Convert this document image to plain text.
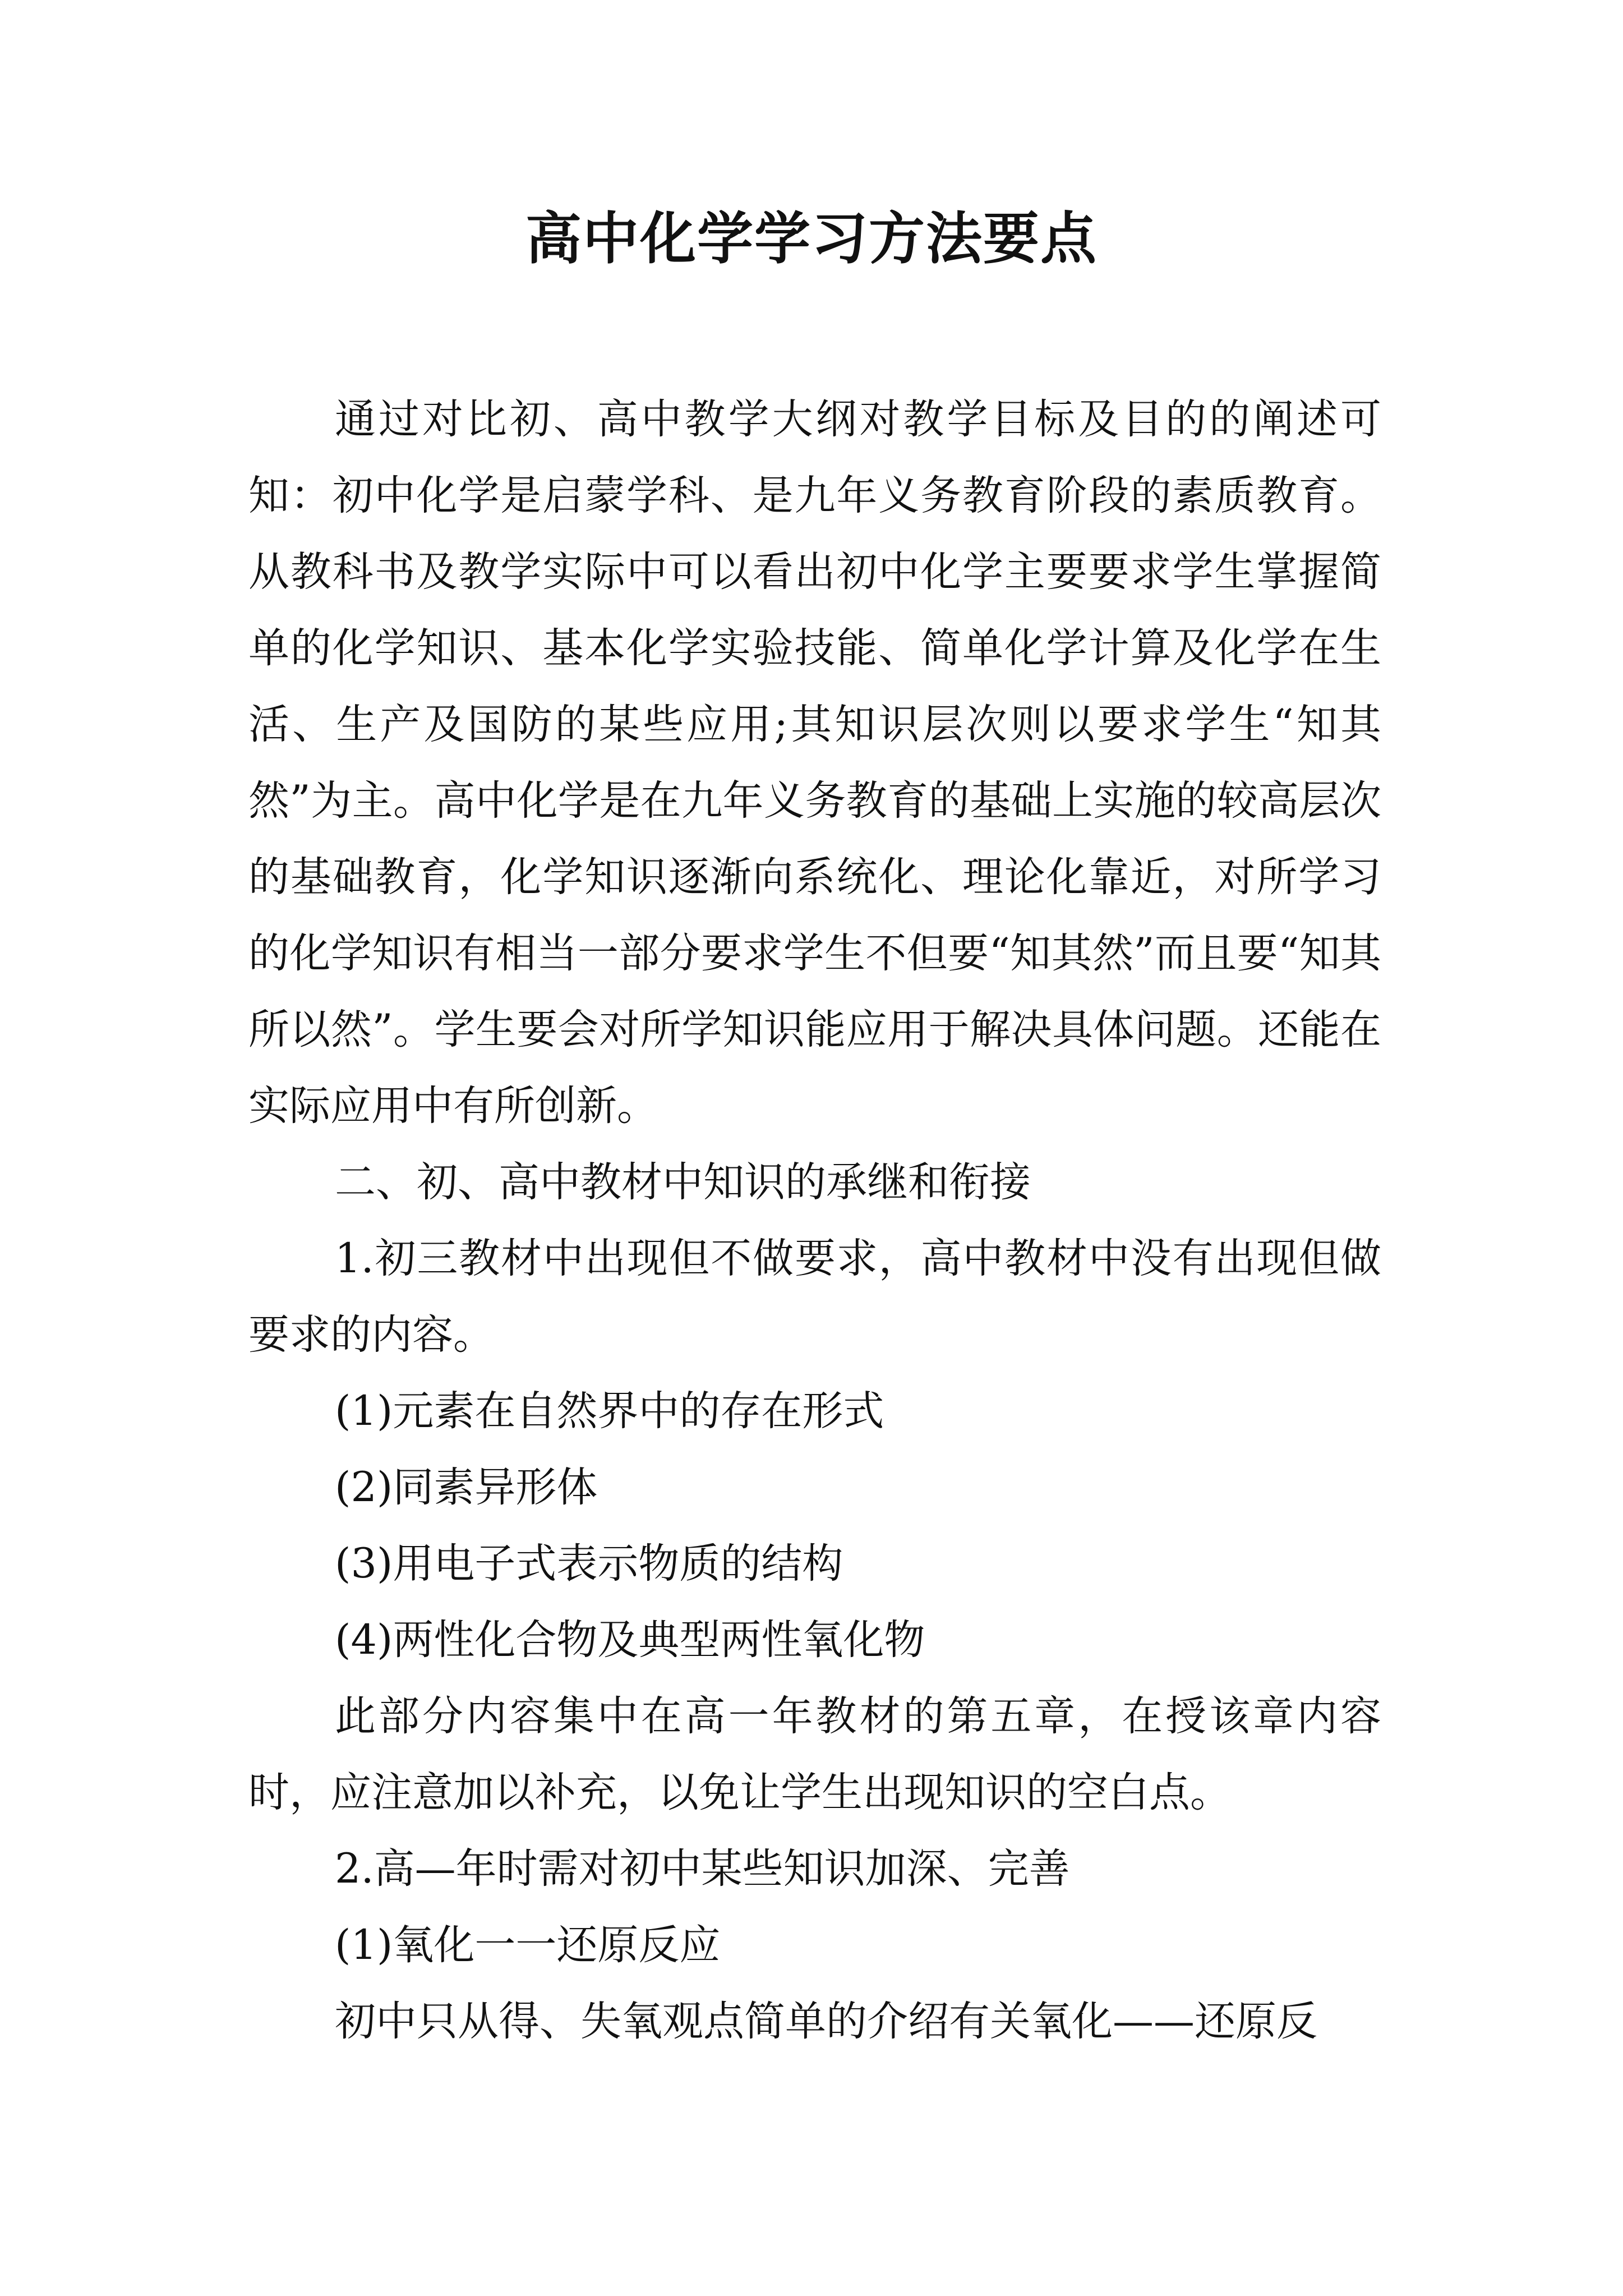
高中化学学习方法要点

通过对比初、高中教学大纲对教学目标及目的的阐述可知：初中化学是启蒙学科、是九年义务教育阶段的素质教育。从教科书及教学实际中可以看出初中化学主要要求学生掌握简单的化学知识、基本化学实验技能、简单化学计算及化学在生活、生产及国防的某些应用;其知识层次则以要求学生“知其然”为主。高中化学是在九年义务教育的基础上实施的较高层次的基础教育，化学知识逐渐向系统化、理论化靠近，对所学习的化学知识有相当一部分要求学生不但要“知其然”而且要“知其所以然”。学生要会对所学知识能应用于解决具体问题。还能在实际应用中有所创新。

二、初、高中教材中知识的承继和衔接

1.初三教材中出现但不做要求，高中教材中没有出现但做要求的内容。

(1)元素在自然界中的存在形式

(2)同素异形体

(3)用电子式表示物质的结构

(4)两性化合物及典型两性氧化物

此部分内容集中在高一年教材的第五章，在授该章内容时，应注意加以补充，以免让学生出现知识的空白点。

2.高—年时需对初中某些知识加深、完善

(1)氧化一一还原反应

初中只从得、失氧观点简单的介绍有关氧化——还原反
